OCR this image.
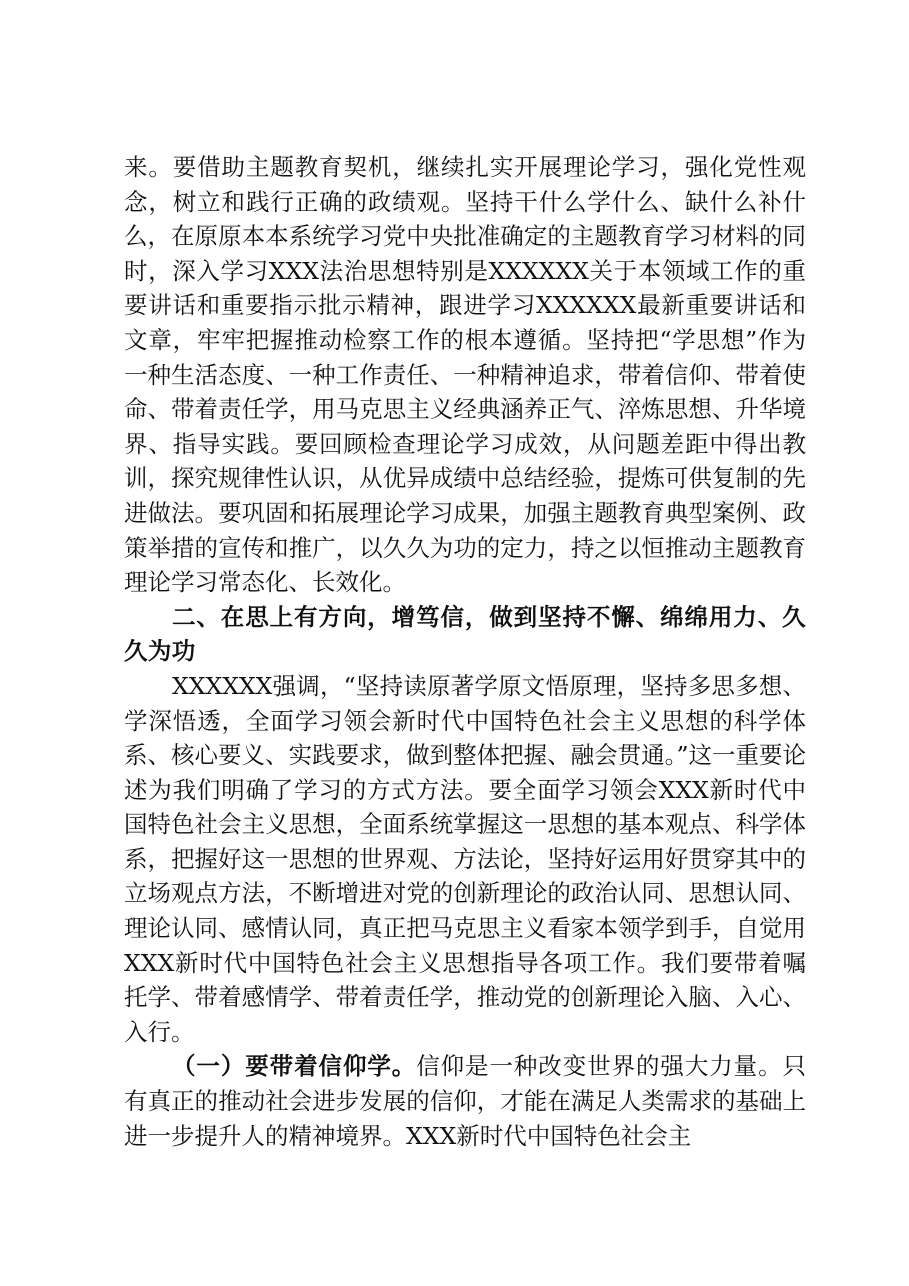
来。要借助主题教育契机，继续扎实开展理论学习，强化党性观念，树立和践行正确的政绩观。坚持干什么学什么、缺什么补什么，在原原本本系统学习党中央批准确定的主题教育学习材料的同时，深入学习XXX法治思想特别是XXXXXX关于本领域工作的重要讲话和重要指示批示精神，跟进学习XXXXXX最新重要讲话和文章，牢牢把握推动检察工作的根本遵循。坚持把“学思想”作为一种生活态度、一种工作责任、一种精神追求，带着信仰、带着使命、带着责任学，用马克思主义经典涵养正气、淬炼思想、升华境界、指导实践。要回顾检查理论学习成效，从问题差距中得出教训，探究规律性认识，从优异成绩中总结经验，提炼可供复制的先进做法。要巩固和拓展理论学习成果，加强主题教育典型案例、政策举措的宣传和推广，以久久为功的定力，持之以恒推动主题教育理论学习常态化、长效化。

二、在思上有方向，增笃信，做到坚持不懈、绵绵用力、久久为功

XXXXXX强调，“坚持读原著学原文悟原理，坚持多思多想、学深悟透，全面学习领会新时代中国特色社会主义思想的科学体系、核心要义、实践要求，做到整体把握、融会贯通。”这一重要论述为我们明确了学习的方式方法。要全面学习领会XXX新时代中国特色社会主义思想，全面系统掌握这一思想的基本观点、科学体系，把握好这一思想的世界观、方法论，坚持好运用好贯穿其中的立场观点方法，不断增进对党的创新理论的政治认同、思想认同、理论认同、感情认同，真正把马克思主义看家本领学到手，自觉用XXX新时代中国特色社会主义思想指导各项工作。我们要带着嘱托学、带着感情学、带着责任学，推动党的创新理论入脑、入心、入行。

（一）要带着信仰学。信仰是一种改变世界的强大力量。只有真正的推动社会进步发展的信仰，才能在满足人类需求的基础上进一步提升人的精神境界。XXX新时代中国特色社会主
